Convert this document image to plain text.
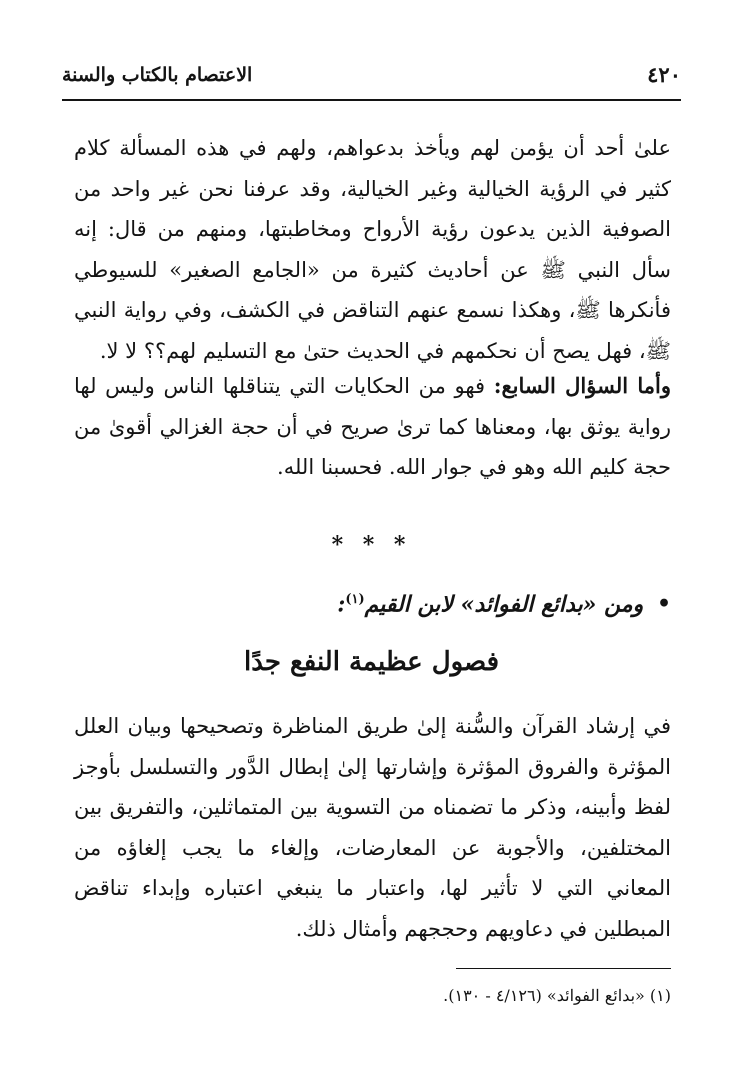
٤٢٠
الاعتصام بالكتاب والسنة

علىٰ أحد أن يؤمن لهم ويأخذ بدعواهم، ولهم في هذه المسألة كلام كثير في الرؤية الخيالية وغير الخيالية، وقد عرفنا نحن غير واحد من الصوفية الذين يدعون رؤية الأرواح ومخاطبتها، ومنهم من قال: إنه سأل النبي ﷺ عن أحاديث كثيرة من «الجامع الصغير» للسيوطي فأنكرها ﷺ، وهكذا نسمع عنهم التناقض في الكشف، وفي رواية النبي ﷺ، فهل يصح أن نحكمهم في الحديث حتىٰ مع التسليم لهم؟؟ لا لا.

وأما السؤال السابع: فهو من الحكايات التي يتناقلها الناس وليس لها رواية يوثق بها، ومعناها كما ترىٰ صريح في أن حجة الغزالي أقوىٰ من حجة كليم الله وهو في جوار الله. فحسبنا الله.

* * *
• ومن «بدائع الفوائد» لابن القيم$^{(١)}$:
فصول عظيمة النفع جدًا

في إرشاد القرآن والسُّنة إلىٰ طريق المناظرة وتصحيحها وبيان العلل المؤثرة والفروق المؤثرة وإشارتها إلىٰ إبطال الدَّور والتسلسل بأوجز لفظ وأبينه، وذكر ما تضمناه من التسوية بين المتماثلين، والتفريق بين المختلفين، والأجوبة عن المعارضات، وإلغاء ما يجب إلغاؤه من المعاني التي لا تأثير لها، واعتبار ما ينبغي اعتباره وإبداء تناقض المبطلين في دعاويهم وحججهم وأمثال ذلك.

(١) «بدائع الفوائد» (٤/١٢٦ - ١٣٠).
